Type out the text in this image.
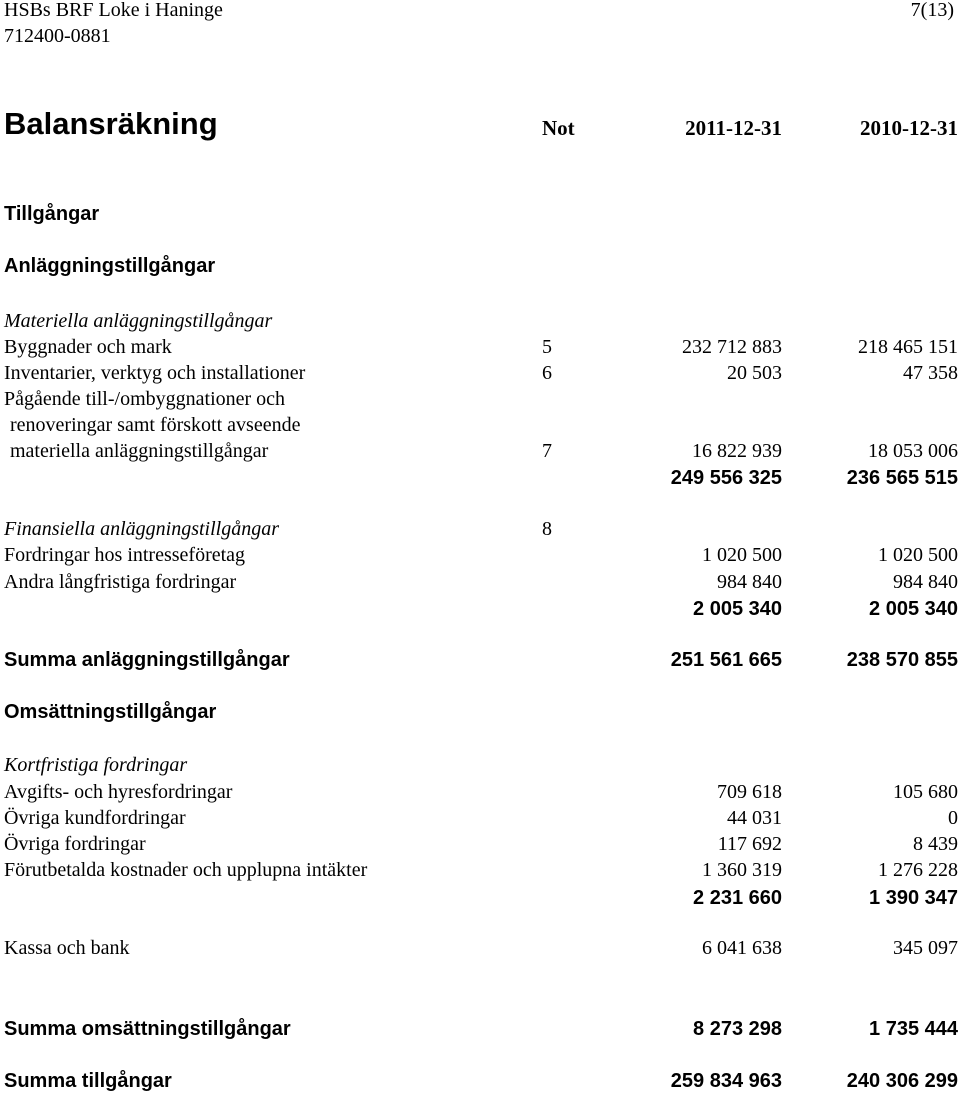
HSBs BRF Loke i Haninge	7(13)
712400-0881
Balansräkning	Not	2011-12-31	2010-12-31
Tillgångar
Anläggningstillgångar
Materiella anläggningstillgångar
Byggnader och mark	5	232 712 883	218 465 151
Inventarier, verktyg och installationer	6	20 503	47 358
Pågående till-/ombyggnationer och
renoveringar samt förskott avseende
materiella anläggningstillgångar	7	16 822 939	18 053 006
249 556 325	236 565 515
Finansiella anläggningstillgångar	8
Fordringar hos intresseföretag	1 020 500	1 020 500
Andra långfristiga fordringar	984 840	984 840
2 005 340	2 005 340
Summa anläggningstillgångar	251 561 665	238 570 855
Omsättningstillgångar
Kortfristiga fordringar
Avgifts- och hyresfordringar	709 618	105 680
Övriga kundfordringar	44 031	0
Övriga fordringar	117 692	8 439
Förutbetalda kostnader och upplupna intäkter	1 360 319	1 276 228
2 231 660	1 390 347
Kassa och bank	6 041 638	345 097
Summa omsättningstillgångar	8 273 298	1 735 444
Summa tillgångar	259 834 963	240 306 299
